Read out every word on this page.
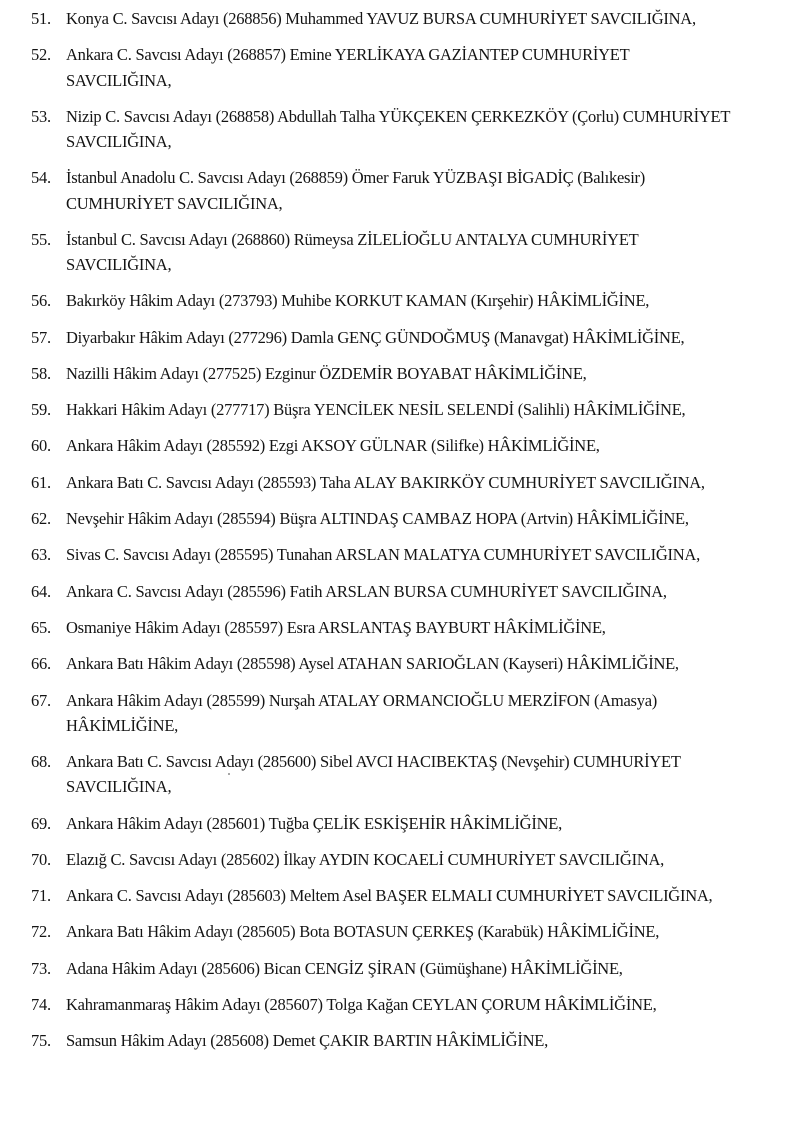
51. Konya C. Savcısı Adayı (268856) Muhammed YAVUZ BURSA CUMHURİYET SAVCILIĞINA,
52. Ankara C. Savcısı Adayı (268857) Emine YERLİKAYA GAZİANTEP CUMHURİYET
SAVCILIĞINA,
53. Nizip C. Savcısı Adayı (268858) Abdullah Talha YÜKÇEKEN ÇERKEZKÖY (Çorlu) CUMHURİYET
SAVCILIĞINA,
54. İstanbul Anadolu C. Savcısı Adayı (268859) Ömer Faruk YÜZBAŞI BİGADİÇ (Balıkesir)
CUMHURİYET SAVCILIĞINA,
55. İstanbul C. Savcısı Adayı (268860) Rümeysa ZİLELİOĞLU ANTALYA CUMHURİYET
SAVCILIĞINA,
56. Bakırköy Hâkim Adayı (273793) Muhibe KORKUT KAMAN (Kırşehir) HÂKİMLİĞİNE,
57. Diyarbakır Hâkim Adayı (277296) Damla GENÇ GÜNDOĞMUŞ (Manavgat) HÂKİMLİĞİNE,
58. Nazilli Hâkim Adayı (277525) Ezginur ÖZDEMİR BOYABAT HÂKİMLİĞİNE,
59. Hakkari Hâkim Adayı (277717) Büşra YENCİLEK NESİL SELENDİ (Salihli) HÂKİMLİĞİNE,
60. Ankara Hâkim Adayı (285592) Ezgi AKSOY GÜLNAR (Silifke) HÂKİMLİĞİNE,
61. Ankara Batı C. Savcısı Adayı (285593) Taha ALAY BAKIRKÖY CUMHURİYET SAVCILIĞINA,
62. Nevşehir Hâkim Adayı (285594) Büşra ALTINDAŞ CAMBAZ HOPA (Artvin) HÂKİMLİĞİNE,
63. Sivas C. Savcısı Adayı (285595) Tunahan ARSLAN MALATYA CUMHURİYET SAVCILIĞINA,
64. Ankara C. Savcısı Adayı (285596) Fatih ARSLAN BURSA CUMHURİYET SAVCILIĞINA,
65. Osmaniye Hâkim Adayı (285597) Esra ARSLANTAŞ BAYBURT HÂKİMLİĞİNE,
66. Ankara Batı Hâkim Adayı (285598) Aysel ATAHAN SARIOĞLAN (Kayseri) HÂKİMLİĞİNE,
67. Ankara Hâkim Adayı (285599) Nurşah ATALAY ORMANCIOĞLU MERZİFON (Amasya)
HÂKİMLİĞİNE,
68. Ankara Batı C. Savcısı Adayı (285600) Sibel AVCI HACIBEKTAŞ (Nevşehir) CUMHURİYET
SAVCILIĞINA,
69. Ankara Hâkim Adayı (285601) Tuğba ÇELİK ESKİŞEHİR HÂKİMLİĞİNE,
70. Elazığ C. Savcısı Adayı (285602) İlkay AYDIN KOCAELİ CUMHURİYET SAVCILIĞINA,
71. Ankara C. Savcısı Adayı (285603) Meltem Asel BAŞER ELMALI CUMHURİYET SAVCILIĞINA,
72. Ankara Batı Hâkim Adayı (285605) Bota BOTASUN ÇERKEŞ (Karabük) HÂKİMLİĞİNE,
73. Adana Hâkim Adayı (285606) Bican CENGİZ ŞİRAN (Gümüşhane) HÂKİMLİĞİNE,
74. Kahramanmaraş Hâkim Adayı (285607) Tolga Kağan CEYLAN ÇORUM HÂKİMLİĞİNE,
75. Samsun Hâkim Adayı (285608) Demet ÇAKIR BARTIN HÂKİMLİĞİNE,
